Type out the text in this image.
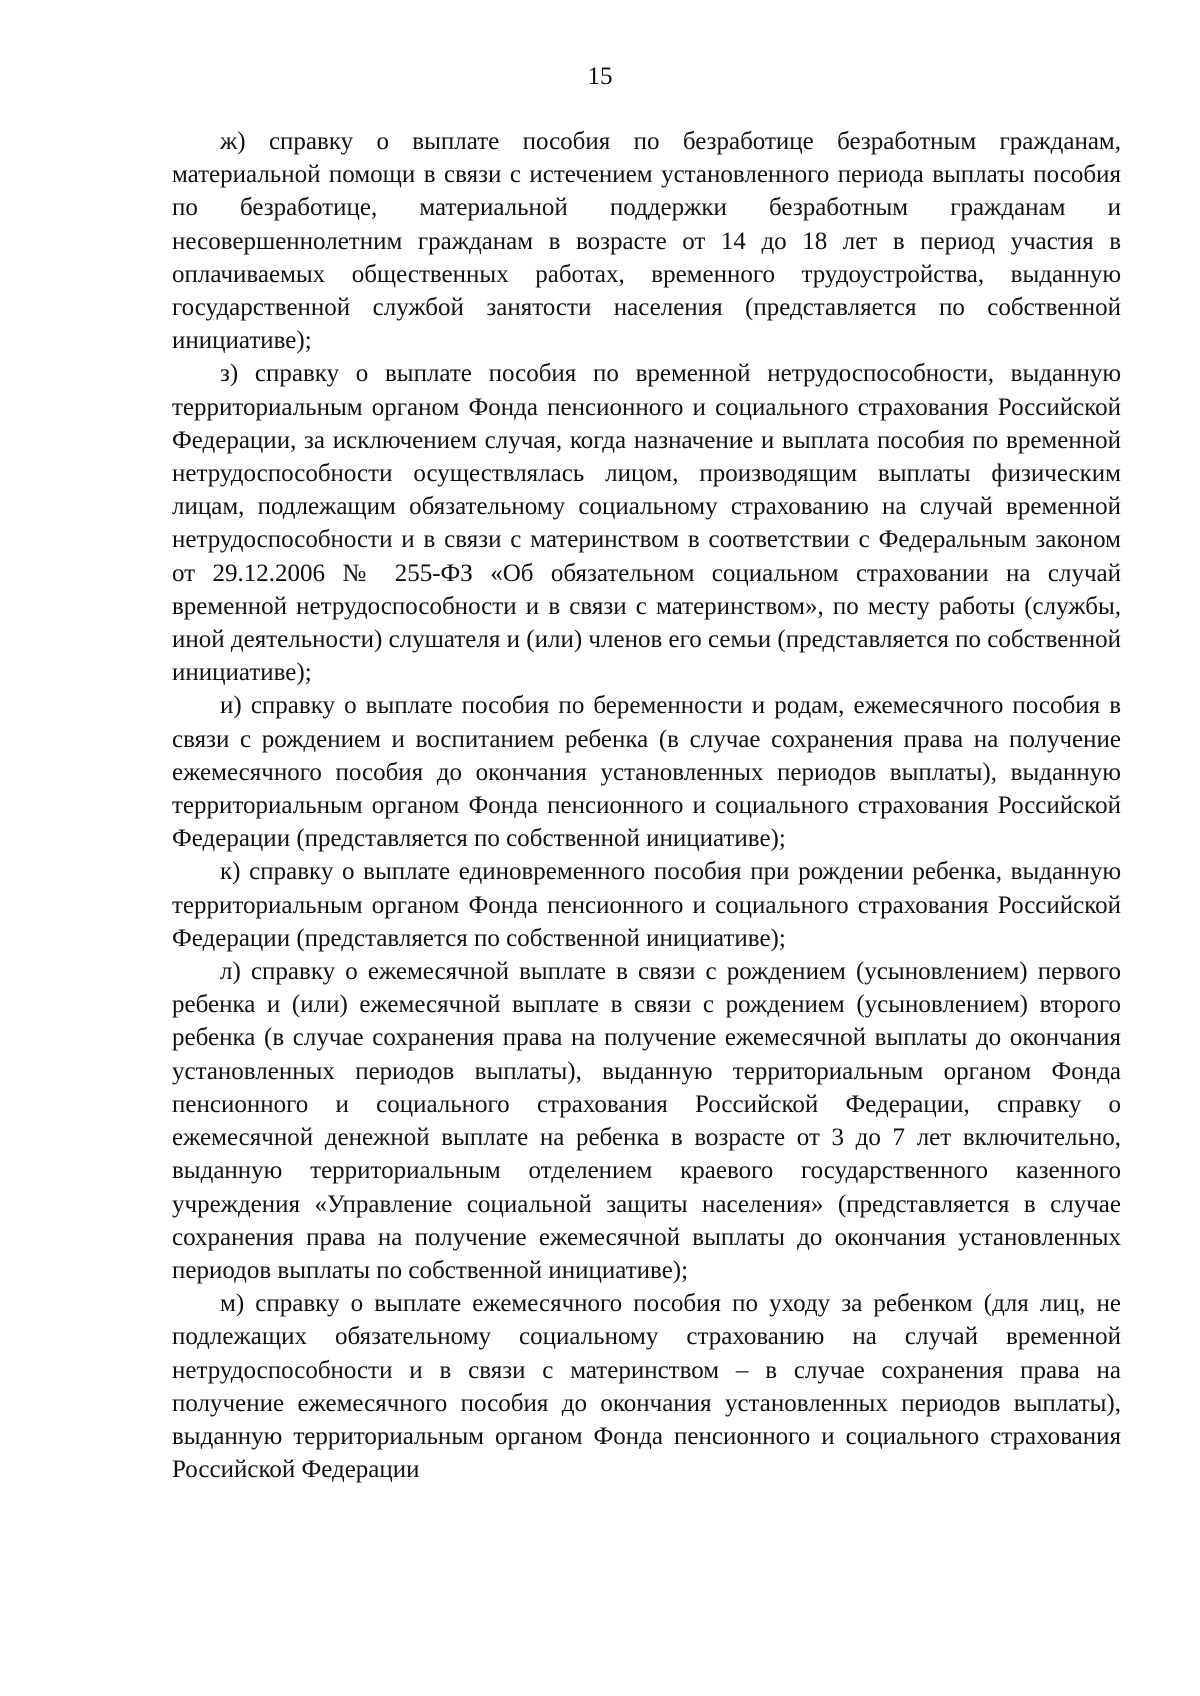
15

ж) справку о выплате пособия по безработице безработным гражданам, материальной помощи в связи с истечением установленного периода выплаты пособия по безработице, материальной поддержки безработным гражданам и несовершеннолетним гражданам в возрасте от 14 до 18 лет в период участия в оплачиваемых общественных работах, временного трудоустройства, выданную государственной службой занятости населения (представляется по собственной инициативе);

з) справку о выплате пособия по временной нетрудоспособности, выданную территориальным органом Фонда пенсионного и социального страхования Российской Федерации, за исключением случая, когда назначение и выплата пособия по временной нетрудоспособности осуществлялась лицом, производящим выплаты физическим лицам, подлежащим обязательному социальному страхованию на случай временной нетрудоспособности и в связи с материнством в соответствии с Федеральным законом от 29.12.2006 № 255-ФЗ «Об обязательном социальном страховании на случай временной нетрудоспособности и в связи с материнством», по месту работы (службы, иной деятельности) слушателя и (или) членов его семьи (представляется по собственной инициативе);

и) справку о выплате пособия по беременности и родам, ежемесячного пособия в связи с рождением и воспитанием ребенка (в случае сохранения права на получение ежемесячного пособия до окончания установленных периодов выплаты), выданную территориальным органом Фонда пенсионного и социального страхования Российской Федерации (представляется по собственной инициативе);

к) справку о выплате единовременного пособия при рождении ребенка, выданную территориальным органом Фонда пенсионного и социального страхования Российской Федерации (представляется по собственной инициативе);

л) справку о ежемесячной выплате в связи с рождением (усыновлением) первого ребенка и (или) ежемесячной выплате в связи с рождением (усыновлением) второго ребенка (в случае сохранения права на получение ежемесячной выплаты до окончания установленных периодов выплаты), выданную территориальным органом Фонда пенсионного и социального страхования Российской Федерации, справку о ежемесячной денежной выплате на ребенка в возрасте от 3 до 7 лет включительно, выданную территориальным отделением краевого государственного казенного учреждения «Управление социальной защиты населения» (представляется в случае сохранения права на получение ежемесячной выплаты до окончания установленных периодов выплаты по собственной инициативе);

м) справку о выплате ежемесячного пособия по уходу за ребенком (для лиц, не подлежащих обязательному социальному страхованию на случай временной нетрудоспособности и в связи с материнством – в случае сохранения права на получение ежемесячного пособия до окончания установленных периодов выплаты), выданную территориальным органом Фонда пенсионного и социального страхования Российской Федерации
